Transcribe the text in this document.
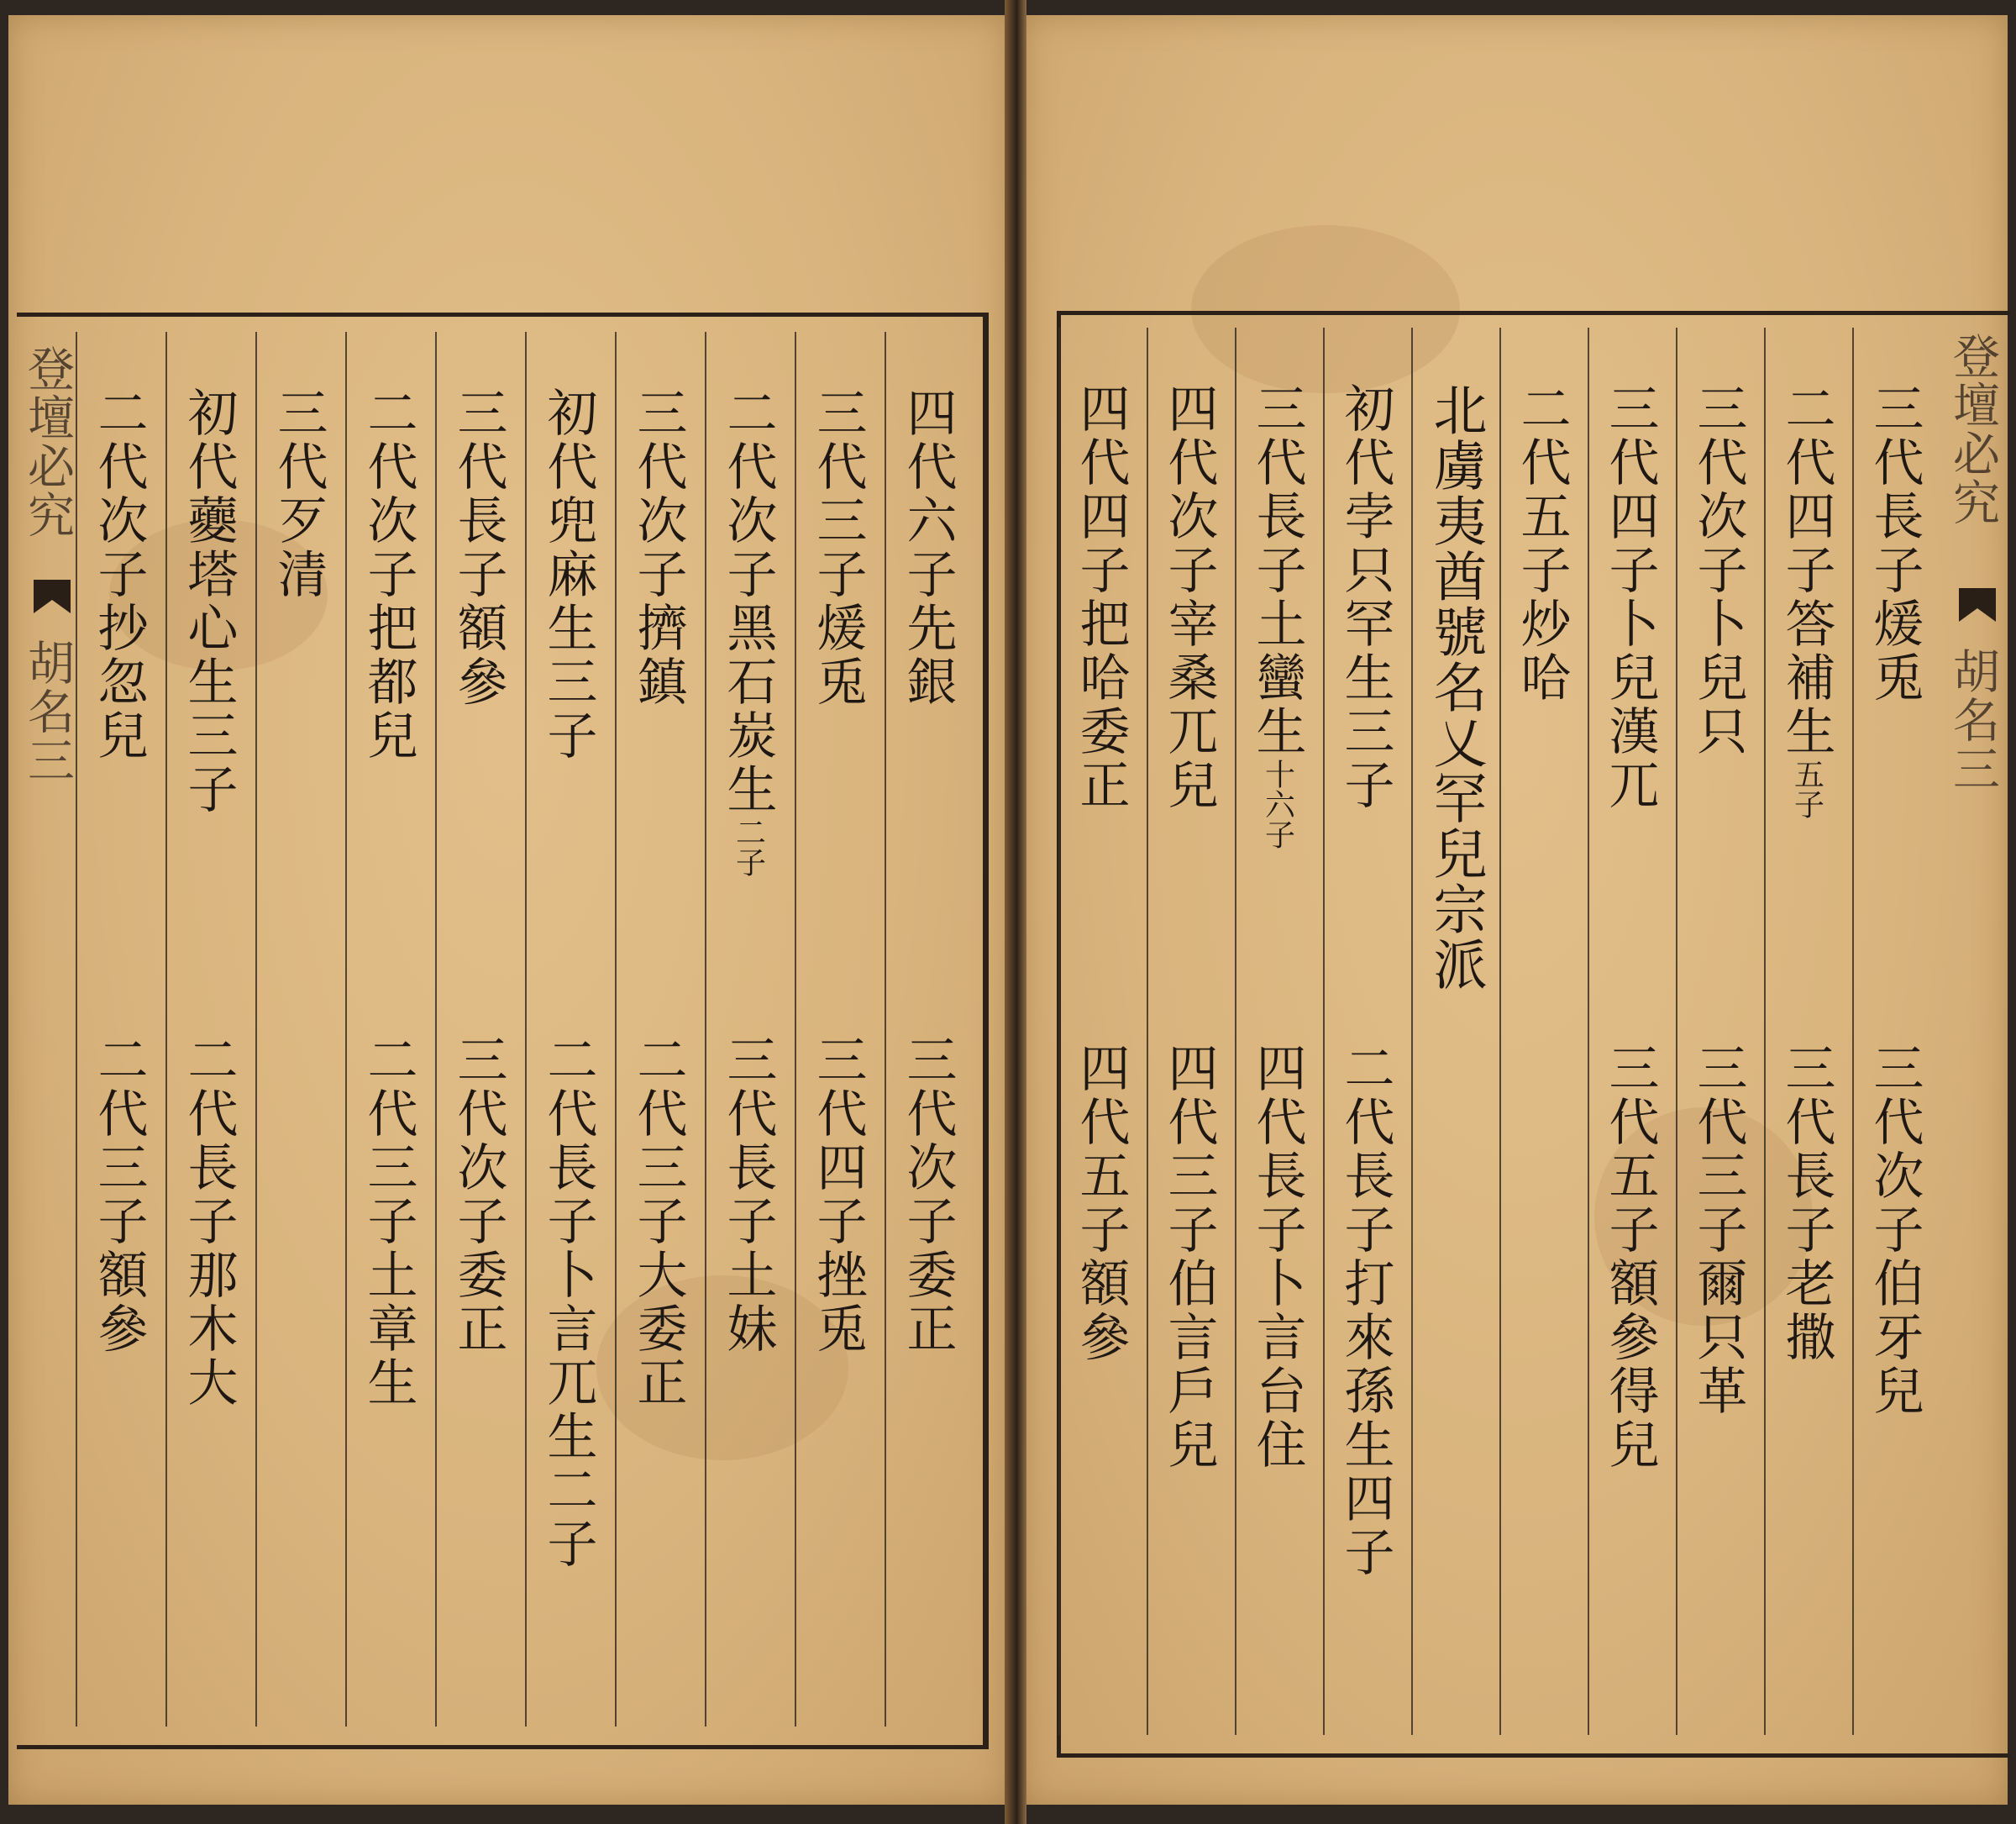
登壇必究
胡名三
四代六子先銀
三代次子委正
三代三子煖兎
三代四子挫兎
二代次子黑石炭生二子
三代長子土妹
三代次子擠鎮
二代三子大委正
初代兜麻生三子
二代長子卜言兀生二子
三代長子額參
三代次子委正
二代次子把都兒
二代三子土章生
三代歹清
初代虁塔心生三子
二代長子那木大
二代次子抄忽兒
二代三子額參
登壇必究
胡名三
三代長子煖兎
三代次子伯牙兒
二代四子答補生五子
三代長子老撒
三代次子卜兒只
三代三子爾只革
三代四子卜兒漢兀
三代五子額參得兒
二代五子炒哈
北虜夷酋號名乂罕兒宗派
初代孛只罕生三子
二代長子打來孫生四子
三代長子土蠻生十六子
四代長子卜言台住
四代次子宰桑兀兒
四代三子伯言戶兒
四代四子把哈委正
四代五子額參
